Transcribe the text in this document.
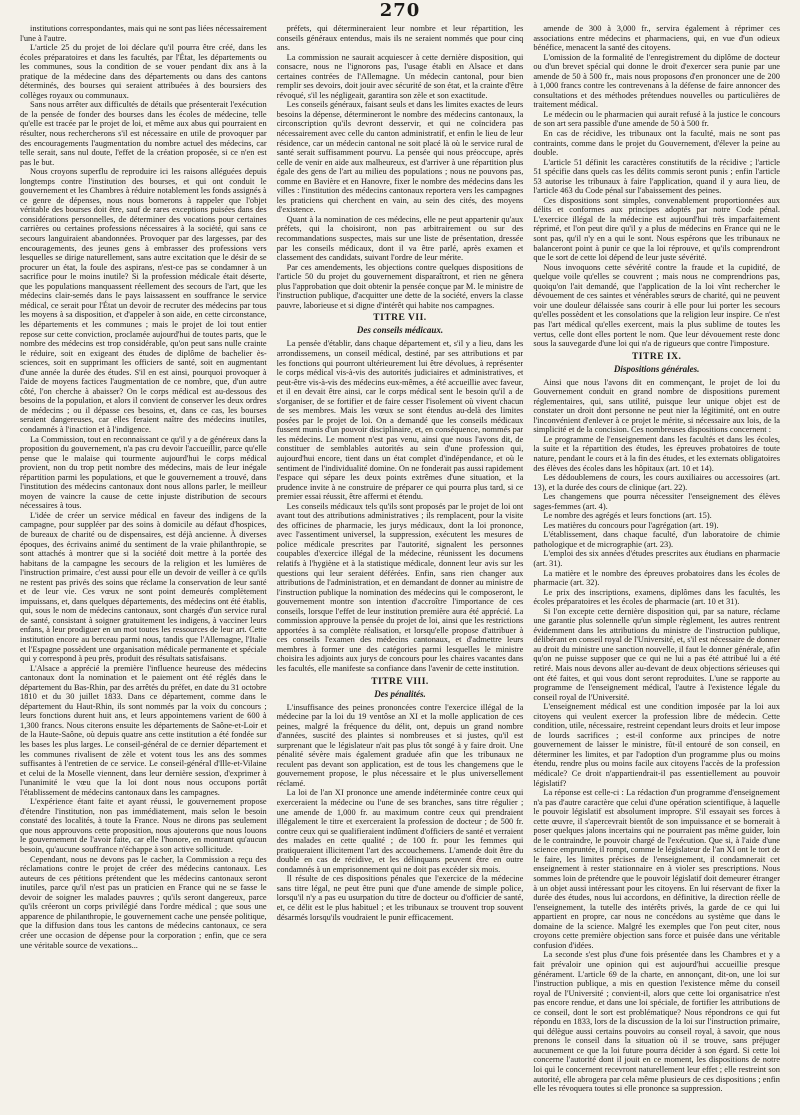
270

institutions correspondantes, mais qui ne sont pas liées nécessairement l'une à l'autre.

L'article 25 du projet de loi déclare qu'il pourra être créé, dans les écoles préparatoires et dans les facultés, par l'État, les départements ou les communes, sous la condition de se vouer pendant dix ans à la pratique de la médecine dans des départements ou dans des cantons déterminés, des bourses qui seraient attribuées à des boursiers des collèges royaux ou communaux.

Sans nous arrêter aux difficultés de détails que présenterait l'exécution de la pensée de fonder des bourses dans les écoles de médecine, telle qu'elle est tracée par le projet de loi, et même aux abus qui pourraient en résulter, nous rechercherons s'il est nécessaire en utile de provoquer par des encouragements l'augmentation du nombre actuel des médecins, car telle serait, sans nul doute, l'effet de la création proposée, si ce n'en est pas le but.

Nous croyons superflu de reproduire ici les raisons alléguées depuis longtemps contre l'institution des bourses, et qui ont conduit le gouvernement et les Chambres à réduire notablement les fonds assignés à ce genre de dépenses, nous nous bornerons à rappeler que l'objet véritable des bourses doit être, sauf de rares exceptions puisées dans des considérations personnelles, de déterminer des vocations pour certaines carrières ou certaines professions nécessaires à la société, qui sans ce secours languiraient abandonnées. Provoquer par des largesses, par des encouragements, des jeunes gens à embrasser des professions vers lesquelles se dirige naturellement, sans autre excitation que le désir de se procurer un état, la foule des aspirans, n'est-ce pas se condamner à un sacrifice pour le moins inutile? Si la profession médicale était déserte, que les populations manquassent réellement des secours de l'art, que les médecins clair-semés dans le pays laissassent en souffrance le service médical, ce serait pour l'État un devoir de recruter des médecins par tous les moyens à sa disposition, et d'appeler à son aide, en cette circonstance, les départements et les communes ; mais le projet de loi tout entier repose sur cette conviction, proclamée aujourd'hui de toutes parts, que le nombre des médecins est trop considérable, qu'on peut sans nulle crainte le réduire, soit en exigeant des études de diplôme de bachelier ès-sciences, soit en supprimant les officiers de santé, soit en augmentant d'une année la durée des études. S'il en est ainsi, pourquoi provoquer à l'aide de moyens factices l'augmentation de ce nombre, que, d'un autre côté, l'on cherche à abaisser? On le corps médical est au-dessous des besoins de la population, et alors il convient de conserver les deux ordres de médecins ; ou il dépasse ces besoins, et, dans ce cas, les bourses seraient dangereuses, car elles feraient naître des médecins inutiles, condamnés à l'inaction et à l'indigence.

La Commission, tout en reconnaissant ce qu'il y a de généreux dans la proposition du gouvernement, n'a pas cru devoir l'accueillir, parce qu'elle pense que le malaise qui tourmente aujourd'hui le corps médical provient, non du trop petit nombre des médecins, mais de leur inégale répartition parmi les populations, et que le gouvernement a trouvé, dans l'institution des médecins cantonaux dont nous allons parler, le meilleur moyen de vaincre la cause de cette injuste distribution de secours nécessaires à tous.

L'idée de créer un service médical en faveur des indigens de la campagne, pour suppléer par des soins à domicile au défaut d'hospices, de bureaux de charité ou de dispensaires, est déjà ancienne. À diverses époques, des écrivains animé du sentiment de la vraie philanthropie, se sont attachés à montrer que si la société doit mettre à la portée des habitans de la campagne les secours de la religion et les lumières de l'instruction primaire, c'est aussi pour elle un devoir de veiller à ce qu'ils ne restent pas privés des soins que réclame la conservation de leur santé et de leur vie. Ces vœux ne sont point demeurés complètement impuissans, et, dans quelques départements, des médecins ont été établis, qui, sous le nom de médecins cantonaux, sont chargés d'un service rural de santé, consistant à soigner gratuitement les indigens, à vacciner leurs enfans, à leur prodiguer en un mot toutes les ressources de leur art. Cette institution encore au berceau parmi nous, tandis que l'Allemagne, l'Italie et l'Espagne possèdent une organisation médicale permanente et spéciale qui y correspond à peu près, produit des résultats satisfaisans.

L'Alsace a apprécié la première l'influence heureuse des médecins cantonaux dont la nomination et le paiement ont été réglés dans le département du Bas-Rhin, par des arrêtés du préfet, en date du 31 octobre 1810 et du 30 juillet 1833. Dans ce département, comme dans le département du Haut-Rhin, ils sont nommés par la voix du concours ; leurs fonctions durent huit ans, et leurs appointemens varient de 600 à 1,300 francs. Nous citerons ensuite les départements de Saône-et-Loir et de la Haute-Saône, où depuis quatre ans cette institution a été fondée sur les bases les plus larges. Le conseil-général de ce dernier département et les communes rivalisent de zèle et votent tous les ans des sommes suffisantes à l'entretien de ce service. Le conseil-général d'Ille-et-Vilaine et celui de la Moselle viennent, dans leur dernière session, d'exprimer à l'unanimité le vœu que la loi dont nous nous occupons portât l'établissement de médecins cantonaux dans les campagnes.

L'expérience étant faite et ayant réussi, le gouvernement propose d'étendre l'institution, non pas immédiatement, mais selon le besoin constaté des localités, à toute la France. Nous ne dirons pas seulement que nous approuvons cette proposition, nous ajouterons que nous louons le gouvernement de l'avoir faite, car elle l'honore, en montrant qu'aucun besoin, qu'aucune souffrance n'échappe à son active sollicitude.

Cependant, nous ne devons pas le cacher, la Commission a reçu des réclamations contre le projet de créer des médecins cantonaux. Les auteurs de ces pétitions prétendent que les médecins cantonaux seront inutiles, parce qu'il n'est pas un praticien en France qui ne se fasse le devoir de soigner les malades pauvres ; qu'ils seront dangereux, parce qu'ils créeront un corps privilégié dans l'ordre médical ; que sous une apparence de philanthropie, le gouvernement cache une pensée politique, que la diffusion dans tous les cantons de médecins cantonaux, ce sera créer une occasion de dépense pour la corporation ; enfin, que ce sera une véritable source de vexations...

préfets, qui détermineraient leur nombre et leur répartition, les conseils généraux entendus, mais ils ne seraient nommés que pour cinq ans.

La commission ne saurait acquiescer à cette dernière disposition, qui consacre, nous ne l'ignorons pas, l'usage établi en Alsace et dans certaines contrées de l'Allemagne. Un médecin cantonal, pour bien remplir ses devoirs, doit jouir avec sécurité de son état, et la crainte d'être révoqué, s'il les négligeait, garantira son zèle et son exactitude.

Les conseils généraux, faisant seuls et dans les limites exactes de leurs besoins la dépense, détermineront le nombre des médecins cantonaux, la circonscription qu'ils devront desservir, et qui ne coïncidera pas nécessairement avec celle du canton administratif, et enfin le lieu de leur résidence, car un médecin cantonal ne soit placé là où le service rural de santé serait suffisamment pourvu. La pensée qui nous préoccupe, après celle de venir en aide aux malheureux, est d'arriver à une répartition plus égale des gens de l'art au milieu des populations ; nous ne pouvons pas, comme en Bavière et en Hanovre, fixer le nombre des médecins dans les villes : l'institution des médecins cantonaux reportera vers les campagnes les praticiens qui cherchent en vain, au sein des cités, des moyens d'existence.

Quant à la nomination de ces médecins, elle ne peut appartenir qu'aux préfets, qui la choisiront, non pas arbitrairement ou sur des recommandations suspectes, mais sur une liste de présentation, dressée par les conseils médicaux, dont il va être parlé, après examen et classement des candidats, suivant l'ordre de leur mérite.

Par ces amendements, les objections contre quelques dispositions de l'article 50 du projet du gouvernement disparaîtront, et rien ne gênera plus l'approbation que doit obtenir la pensée conçue par M. le ministre de l'instruction publique, d'acquitter une dette de la société, envers la classe pauvre, laborieuse et si digne d'intérêt qui habite nos campagnes.

TITRE VII.
Des conseils médicaux.

La pensée d'établir, dans chaque département et, s'il y a lieu, dans les arrondissemens, un conseil médical, destiné, par ses attributions et par les fonctions qui pourront ultérieurement lui être dévolues, à représenter le corps médical vis-à-vis des autorités judiciaires et administratives, et peut-être vis-à-vis des médecins eux-mêmes, a été accueillie avec faveur, et il en devait être ainsi, car le corps médical sent le besoin qu'il a de s'organiser, de se fortifier et de faire cesser l'isolement où vivent chacun de ses membres. Mais les vœux se sont étendus au-delà des limites posées par le projet de loi. On a demandé que les conseils médicaux fussent munis d'un pouvoir disciplinaire, et, en conséquence, nommés par les médecins. Le moment n'est pas venu, ainsi que nous l'avons dit, de constituer de semblables autorités au sein d'une profession qui, aujourd'hui encore, tient dans un état complet d'indépendance, et où le sentiment de l'individualité domine. On ne fonderait pas aussi rapidement l'espace qui sépare les deux points extrêmes d'une situation, et la prudence invite à ne construire de préparer ce qui pourra plus tard, si ce premier essai réussit, être affermi et étendu.

Les conseils médicaux tels qu'ils sont proposés par le projet de loi ont avant tout des attributions administratives ; ils remplacent, pour la visite des officines de pharmacie, les jurys médicaux, dont la loi prononce, avec l'assentiment universel, la suppression, exécutent les mesures de police médicale prescrites par l'autorité, signalent les personnes coupables d'exercice illégal de la médecine, réunissent les documens relatifs à l'hygiène et à la statistique médicale, donnent leur avis sur les questions qui leur seraient déférées. Enfin, sans rien changer aux attributions de l'administration, et en demandant de donner au ministre de l'instruction publique la nomination des médecins qui le composeront, le gouvernement montre son intention d'accroître l'importance de ces conseils, lorsque l'effet de leur institution première aura été apprécié. La commission approuve la pensée du projet de loi, ainsi que les restrictions apportées à sa complète réalisation, et lorsqu'elle propose d'attribuer à ces conseils l'examen des médecins cantonaux, et d'admettre leurs membres à former une des catégories parmi lesquelles le ministre choisira les adjoints aux jurys de concours pour les chaires vacantes dans les facultés, elle manifeste sa confiance dans l'avenir de cette institution.

TITRE VIII.
Des pénalités.

L'insuffisance des peines prononcées contre l'exercice illégal de la médecine par la loi du 19 ventôse an XI et la molle application de ces peines, malgré la fréquence du délit, ont, depuis un grand nombre d'années, suscité des plaintes si nombreuses et si justes, qu'il est surprenant que le législateur n'ait pas plus tôt songé à y faire droit. Une pénalité sévère mais également graduée afin que les tribunaux ne reculent pas devant son application, est de tous les changemens que le gouvernement propose, le plus nécessaire et le plus universellement réclamé.

La loi de l'an XI prononce une amende indéterminée contre ceux qui exerceraient la médecine ou l'une de ses branches, sans titre régulier ; une amende de 1,000 fr. au maximum contre ceux qui prendraient illégalement le titre et exerceraient la profession de docteur ; de 500 fr. contre ceux qui se qualifieraient indûment d'officiers de santé et verraient des malades en cette qualité ; de 100 fr. pour les femmes qui pratiqueraient illicitement l'art des accouchemens. L'amende doit être du double en cas de récidive, et les délinquans peuvent être en outre condamnés à un emprisonnement qui ne doit pas excéder six mois.

Il résulte de ces dispositions pénales que l'exercice de la médecine sans titre légal, ne peut être puni que d'une amende de simple police, lorsqu'il n'y a pas eu usurpation du titre de docteur ou d'officier de santé, et, ce délit est le plus habituel ; et les tribunaux se trouvent trop souvent désarmés lorsqu'ils voudraient le punir efficacement.

amende de 300 à 3,000 fr., servira également à réprimer ces associations entre médecins et pharmaciens, qui, en vue d'un odieux bénéfice, menacent la santé des citoyens.

L'omission de la formalité de l'enregistrement du diplôme de docteur ou d'un brevet spécial qui donne le droit d'exercer sera punie par une amende de 50 à 500 fr., mais nous proposons d'en prononcer une de 200 à 1,000 francs contre les contrevenans à la défense de faire annoncer des consultations et des méthodes prétendues nouvelles ou particulières de traitement médical.

Le médecin ou le pharmacien qui aurait refusé à la justice le concours de son art sera passible d'une amende de 50 à 500 fr.

En cas de récidive, les tribunaux ont la faculté, mais ne sont pas contraints, comme dans le projet du Gouvernement, d'élever la peine au double.

L'article 51 définit les caractères constitutifs de la récidive ; l'article 51 spécifie dans quels cas les délits commis seront punis ; enfin l'article 53 autorise les tribunaux à faire l'application, quand il y aura lieu, de l'article 463 du Code pénal sur l'abaissement des peines.

Ces dispositions sont simples, convenablement proportionnées aux délits et conformes aux principes adoptés par notre Code pénal. L'exercice illégal de la médecine est aujourd'hui très imparfaitement réprimé, et l'on peut dire qu'il y a plus de médecins en France qui ne le sont pas, qu'il n'y en a qui le sont. Nous espérons que les tribunaux ne balanceront point à punir ce que la loi réprouve, et qu'ils comprendront que le sort de cette loi dépend de leur juste sévérité.

Nous invoquons cette sévérité contre la fraude et la cupidité, de quelque voile qu'elles se couvrent ; mais nous ne comprendrions pas, quoiqu'on l'ait demandé, que l'application de la loi vînt rechercher le dévouement de ces saintes et vénérables sœurs de charité, qui ne peuvent voir une douleur délaissée sans courir à elle pour lui porter les secours qu'elles possèdent et les consolations que la religion leur inspire. Ce n'est pas l'art médical qu'elles exercent, mais la plus sublime de toutes les vertus, celle dont elles portent le nom. Que leur dévouement reste donc sous la sauvegarde d'une loi qui n'a de rigueurs que contre l'imposture.

TITRE IX.
Dispositions générales.

Ainsi que nous l'avons dit en commençant, le projet de loi du Gouvernement conduit en grand nombre de dispositions purement réglementaires, qui, sans utilité, puisque leur unique objet est de constater un droit dont personne ne peut nier la légitimité, ont en outre l'inconvénient d'enlever à ce projet le mérite, si nécessaire aux lois, de la simplicité et de la concision. Ces nombreuses dispositions concernent :

Le programme de l'enseignement dans les facultés et dans les écoles, la suite et la répartition des études, les épreuves probatoires de toute nature, pendant le cours et à la fin des études, et les externats obligatoires des élèves des écoles dans les hôpitaux (art. 10 et 14).

Les dédoublemens de cours, les cours auxiliaires ou accessoires (art. 13), et la durée des cours de clinique (art. 22).

Les changemens que pourra nécessiter l'enseignement des élèves sages-femmes (art. 4).

Le nombre des agrégés et leurs fonctions (art. 15).

Les matières du concours pour l'agrégation (art. 19).

L'établissement, dans chaque faculté, d'un laboratoire de chimie pathologique et de micrographie (art. 23).

L'emploi des six années d'études prescrites aux étudians en pharmacie (art. 31).

La matière et le nombre des épreuves probatoires dans les écoles de pharmacie (art. 32).

Le prix des inscriptions, examens, diplômes dans les facultés, les écoles préparatoires et les écoles de pharmacie (art. 10 et 31).

Si l'on excepte cette dernière disposition qui, par sa nature, réclame une garantie plus solennelle qu'un simple règlement, les autres rentrent évidemment dans les attributions du ministre de l'instruction publique, délibérant en conseil royal de l'Université, et, s'il est nécessaire de donner au droit du ministre une sanction nouvelle, il faut le donner générale, afin qu'on ne puisse supposer que ce qui ne lui a pas été attribué lui a été retiré. Mais nous devons aller au-devant de deux objections sérieuses qui ont été faites, et qui vous dont seront reproduites. L'une se rapporte au programme de l'enseignement médical, l'autre à l'existence légale du conseil royal de l'Université.

L'enseignement médical est une condition imposée par la loi aux citoyens qui veulent exercer la profession libre de médecin. Cette condition, utile, nécessaire, restreint cependant leurs droits et leur impose de lourds sacrifices ; est-il conforme aux principes de notre gouvernement de laisser le ministre, fût-il entouré de son conseil, en déterminer les limites, et par l'adoption d'un programme plus ou moins étendu, rendre plus ou moins facile aux citoyens l'accès de la profession médicale? Ce droit n'appartiendrait-il pas essentiellement au pouvoir législatif?

La réponse est celle-ci : La rédaction d'un programme d'enseignement n'a pas d'autre caractère que celui d'une opération scientifique, à laquelle le pouvoir législatif est absolument impropre. S'il essayait ses forces à cette œuvre, il s'apercevrait bientôt de son impuissance et se bornerait à poser quelques jalons incertains qui ne pourraient pas même guider, loin de le contraindre, le pouvoir chargé de l'exécution. Que si, à l'aide d'une science empruntée, il rompt, comme le législateur de l'an XI ont le tort de le faire, les limites précises de l'enseignement, il condamnerait cet enseignement à rester stationnaire en à violer ses prescriptions. Nous sommes loin de prétendre que le pouvoir législatif doit demeurer étranger à un objet aussi intéressant pour les citoyens. En lui réservant de fixer la durée des études, nous lui accordons, en définitive, la direction réelle de l'enseignement, la tutelle des intérêts privés, la garde de ce qui lui appartient en propre, car nous ne concédons au système que dans le domaine de la science. Malgré les exemples que l'on peut citer, nous croyons cette première objection sans force et puisée dans une véritable confusion d'idées.

La seconde s'est plus d'une fois présentée dans les Chambres et y a fait prévaloir une opinion qui est aujourd'hui accueillie presque générament. L'article 69 de la charte, en annonçant, dit-on, une loi sur l'instruction publique, a mis en question l'existence même du conseil royal de l'Université ; convient-il, alors que cette loi organisatrice n'est pas encore rendue, et dans une loi spéciale, de fortifier les attributions de ce conseil, dont le sort est problématique? Nous répondrons ce qui fut répondu en 1833, lors de la discussion de la loi sur l'instruction primaire, qui délègue aussi certains pouvoirs au conseil royal, à savoir, que nous prenons le conseil dans la situation où il se trouve, sans préjuger aucunement ce que la loi future pourra décider à son égard. Si cette loi concerne l'autorité dont il jouit en ce moment, les dispositions de notre loi qui le concernent recevront naturellement leur effet ; elle restreint son autorité, elle abrogera par cela même plusieurs de ces dispositions ; enfin elle les révoquera toutes si elle prononce sa suppression.
